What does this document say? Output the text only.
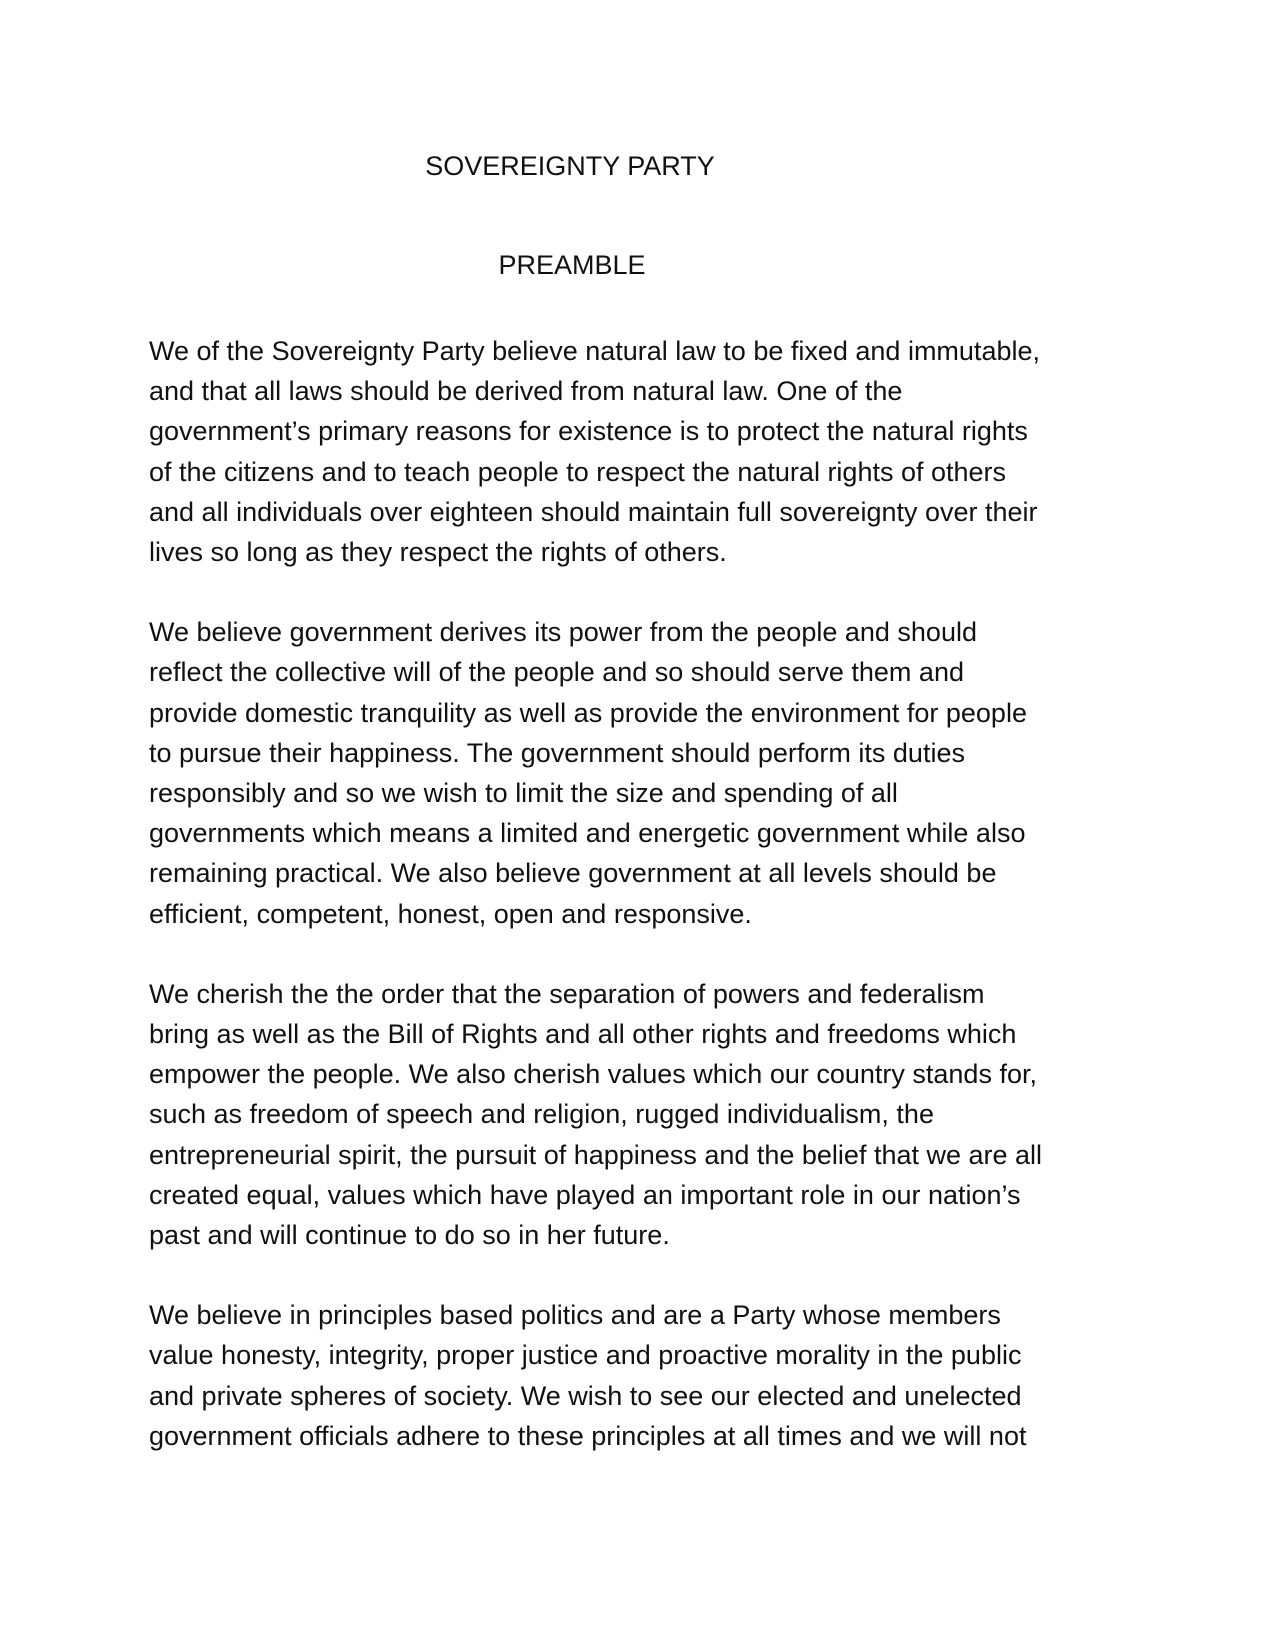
SOVEREIGNTY PARTY
PREAMBLE

We of the Sovereignty Party believe natural law to be fixed and immutable,
and that all laws should be derived from natural law. One of the
government’s primary reasons for existence is to protect the natural rights
of the citizens and to teach people to respect the natural rights of others
and all individuals over eighteen should maintain full sovereignty over their
lives so long as they respect the rights of others.

We believe government derives its power from the people and should
reflect the collective will of the people and so should serve them and
provide domestic tranquility as well as provide the environment for people
to pursue their happiness. The government should perform its duties
responsibly and so we wish to limit the size and spending of all
governments which means a limited and energetic government while also
remaining practical. We also believe government at all levels should be
efficient, competent, honest, open and responsive.

We cherish the the order that the separation of powers and federalism
bring as well as the Bill of Rights and all other rights and freedoms which
empower the people. We also cherish values which our country stands for,
such as freedom of speech and religion, rugged individualism, the
entrepreneurial spirit, the pursuit of happiness and the belief that we are all
created equal, values which have played an important role in our nation’s
past and will continue to do so in her future.

We believe in principles based politics and are a Party whose members
value honesty, integrity, proper justice and proactive morality in the public
and private spheres of society. We wish to see our elected and unelected
government officials adhere to these principles at all times and we will not
